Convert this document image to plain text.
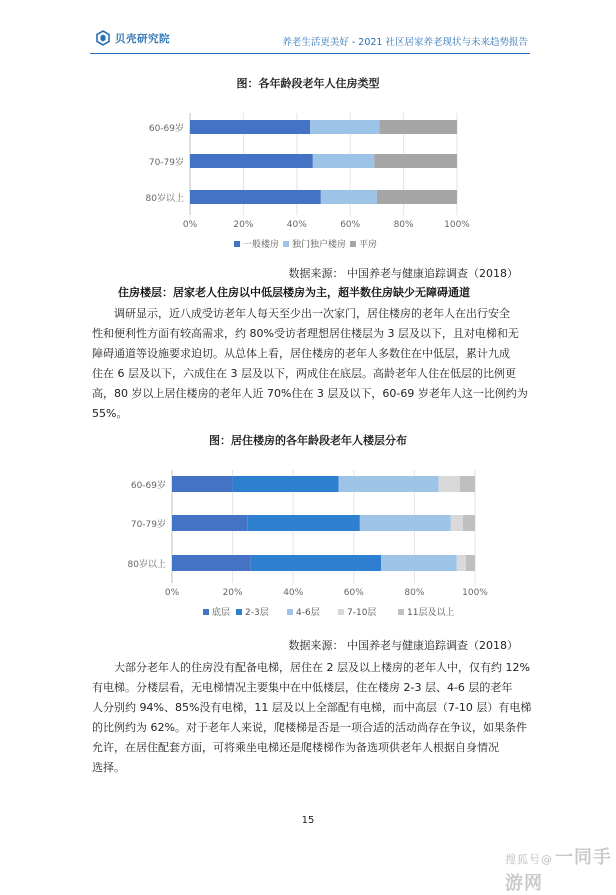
贝壳研究院	养老生活更美好 - 2021 社区居家养老现状与未来趋势报告
图：各年龄段老年人住房类型
0%	20%	40%	60%	80%	100%
60-69岁
70-79岁
80岁以上
一般楼房 独门独户楼房 平房
数据来源： 中国养老与健康追踪调查（2018）
住房楼层：居家老人住房以中低层楼房为主，超半数住房缺少无障碍通道
调研显示，近八成受访老年人每天至少出一次家门，居住楼房的老年人在出行安全
性和便利性方面有较高需求，约 80%受访者理想居住楼层为 3 层及以下，且对电梯和无
障碍通道等设施要求迫切。从总体上看，居住楼房的老年人多数住在中低层，累计九成
住在 6 层及以下，六成住在 3 层及以下，两成住在底层。高龄老年人住在低层的比例更
高，80 岁以上居住楼房的老年人近 70%住在 3 层及以下，60-69 岁老年人这一比例约为
55%。
图：居住楼房的各年龄段老年人楼层分布
0%	20%	40%	60%	80%	100%
60-69岁
70-79岁
80岁以上
底层 2-3层	4-6层	7-10层	11层及以上
数据来源： 中国养老与健康追踪调查（2018）
大部分老年人的住房没有配备电梯，居住在 2 层及以上楼房的老年人中，仅有约 12%
有电梯。分楼层看，无电梯情况主要集中在中低楼层，住在楼房 2-3 层、4-6 层的老年
人分别约 94%、85%没有电梯，11 层及以上全部配有电梯，而中高层（7-10 层）有电梯
的比例约为 62%。对于老年人来说，爬楼梯是否是一项合适的活动尚存在争议，如果条件
允许，在居住配套方面，可将乘坐电梯还是爬楼梯作为备选项供老年人根据自身情况
选择。
15
搜狐号@ 一同手游网
